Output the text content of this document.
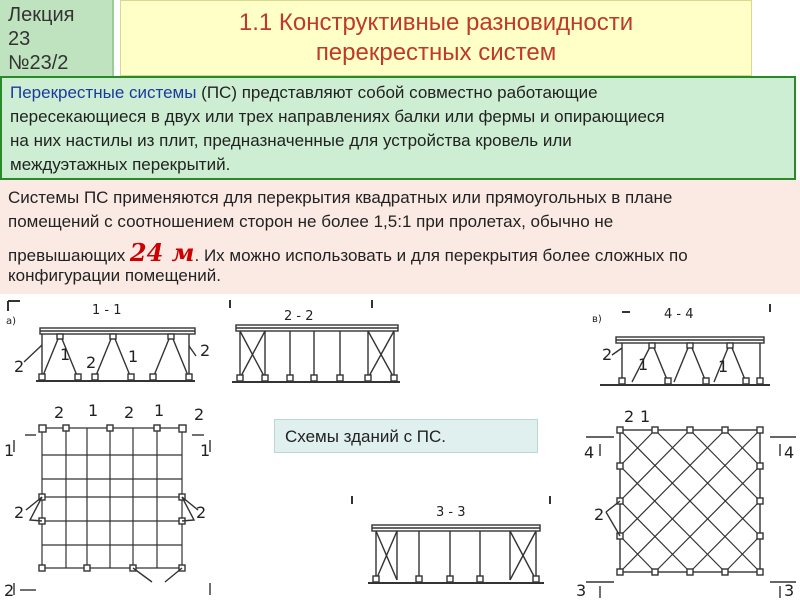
Лекция
23
№23/2
1.1 Конструктивные разновидности
перекрестных систем
Перекрестные системы (ПС) представляют собой совместно работающие
пересекающиеся в двух или трех направлениях балки или фермы и опирающиеся
на них настилы из плит, предназначенные для устройства кровель или
междуэтажных перекрытий.
Системы ПС применяются для перекрытия квадратных или прямоугольных в плане
помещений с соотношением сторон не более 1,5:1 при пролетах, обычно не
превышающих 24 м. Их можно использовать и для перекрытия более сложных по
конфигурации помещений.
Схемы зданий с ПС.
а)
1 - 1	2 - 2
3 - 3
4 - 4
в)
2
1 2 1	2	2
1	1
2 1 2 1 2
1	1
2	2
2
2 1
4	4
2
3	3
